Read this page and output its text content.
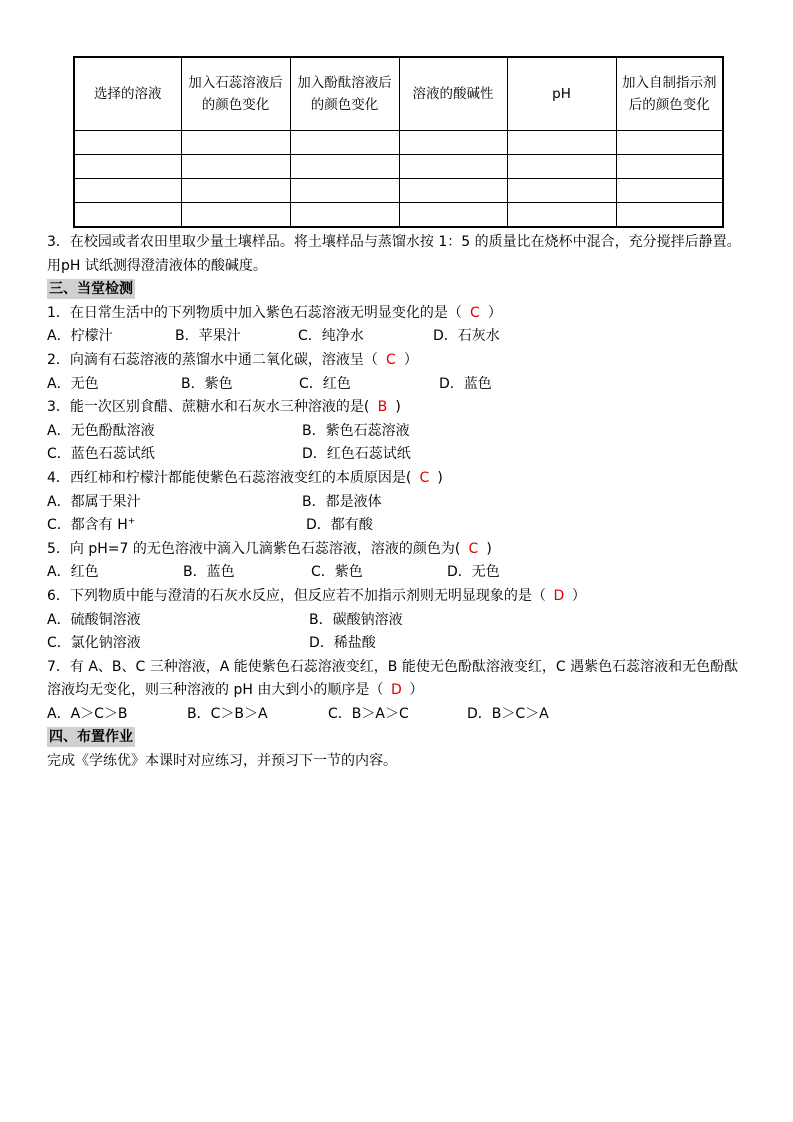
选择的溶液	加入石蕊溶液后的颜色变化	加入酚酞溶液后的颜色变化	溶液的酸碱性	pH	加入自制指示剂后的颜色变化

3．在校园或者农田里取少量土壤样品。将土壤样品与蒸馏水按 1：5 的质量比在烧杯中混合，充分搅拌后静置。用pH 试纸测得澄清液体的酸碱度。
三、当堂检测
1．在日常生活中的下列物质中加入紫色石蕊溶液无明显变化的是（ C ）
A．柠檬汁	B．苹果汁	C．纯净水	D．石灰水
2．向滴有石蕊溶液的蒸馏水中通二氧化碳，溶液呈（ C ）
A．无色	B．紫色	C．红色	D．蓝色
3．能一次区别食醋、蔗糖水和石灰水三种溶液的是( B )
A．无色酚酞溶液	B．紫色石蕊溶液
C．蓝色石蕊试纸	D．红色石蕊试纸
4．西红柿和柠檬汁都能使紫色石蕊溶液变红的本质原因是( C )
A．都属于果汁	B．都是液体
C．都含有 H+	D．都有酸
5．向 pH=7 的无色溶液中滴入几滴紫色石蕊溶液，溶液的颜色为( C )
A．红色	B．蓝色	C．紫色	D．无色
6．下列物质中能与澄清的石灰水反应，但反应若不加指示剂则无明显现象的是（ D ）
A．硫酸铜溶液	B．碳酸钠溶液
C．氯化钠溶液	D．稀盐酸
7．有 A、B、C 三种溶液，A 能使紫色石蕊溶液变红，B 能使无色酚酞溶液变红，C 遇紫色石蕊溶液和无色酚酞溶液均无变化，则三种溶液的 pH 由大到小的顺序是（ D ）
A．A＞C＞B	B．C＞B＞A	C．B＞A＞C	D．B＞C＞A
四、布置作业
完成《学练优》本课时对应练习，并预习下一节的内容。
